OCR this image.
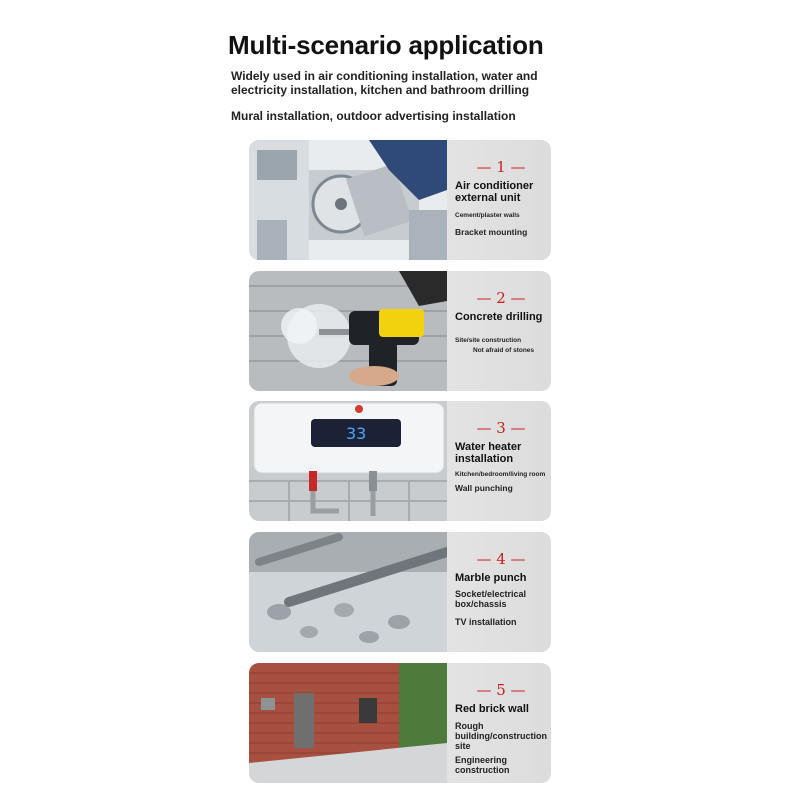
Multi-scenario application
Widely used in air conditioning installation, water and electricity installation, kitchen and bathroom drilling
Mural installation, outdoor advertising installation
— 1 —
Air conditioner external unit
Cement/plaster walls
Bracket mounting
— 2 —
Concrete drilling
Site/site construction
Not afraid of stones
33	— 3 —
Water heater installation
Kitchen/bedroom/living room
Wall punching
— 4 —
Marble punch
Socket/electrical box/chassis
TV installation
— 5 —
Red brick wall
Rough building/construction site
Engineering construction
